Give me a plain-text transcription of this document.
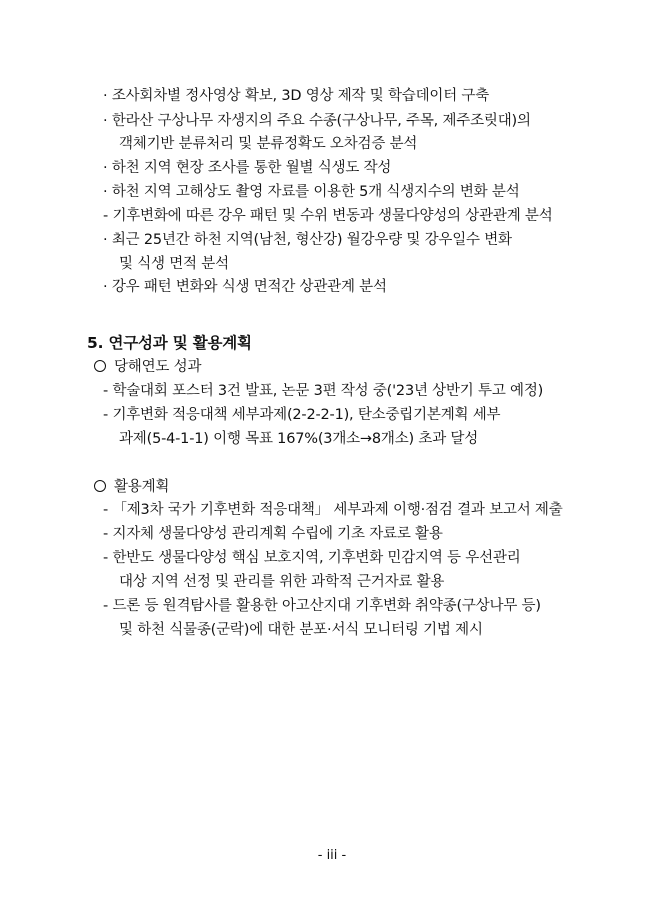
· 조사회차별 정사영상 확보, 3D 영상 제작 및 학습데이터 구축
· 한라산 구상나무 자생지의 주요 수종(구상나무, 주목, 제주조릿대)의
객체기반 분류처리 및 분류정확도 오차검증 분석
· 하천 지역 현장 조사를 통한 월별 식생도 작성
· 하천 지역 고해상도 촬영 자료를 이용한 5개 식생지수의 변화 분석
- 기후변화에 따른 강우 패턴 및 수위 변동과 생물다양성의 상관관계 분석
· 최근 25년간 하천 지역(남천, 형산강) 월강우량 및 강우일수 변화
및 식생 면적 분석
· 강우 패턴 변화와 식생 면적간 상관관계 분석
5. 연구성과 및 활용계획
당해연도 성과
- 학술대회 포스터 3건 발표, 논문 3편 작성 중('23년 상반기 투고 예정)
- 기후변화 적응대책 세부과제(2-2-2-1), 탄소중립기본계획 세부
과제(5-4-1-1) 이행 목표 167%(3개소→8개소) 초과 달성
활용계획
- 「제3차 국가 기후변화 적응대책」 세부과제 이행·점검 결과 보고서 제출
- 지자체 생물다양성 관리계획 수립에 기초 자료로 활용
- 한반도 생물다양성 핵심 보호지역, 기후변화 민감지역 등 우선관리
대상 지역 선정 및 관리를 위한 과학적 근거자료 활용
- 드론 등 원격탐사를 활용한 아고산지대 기후변화 취약종(구상나무 등)
및 하천 식물종(군락)에 대한 분포·서식 모니터링 기법 제시
- iii -
